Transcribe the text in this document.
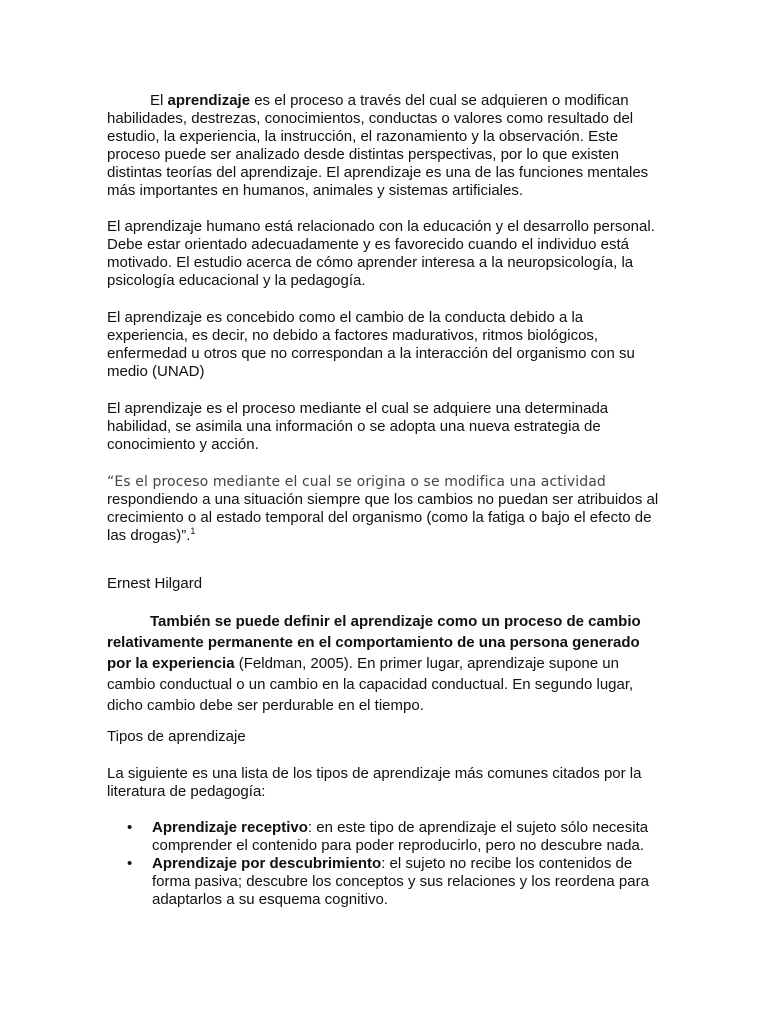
El aprendizaje es el proceso a través del cual se adquieren o modifican habilidades, destrezas, conocimientos, conductas o valores como resultado del estudio, la experiencia, la instrucción, el razonamiento y la observación. Este proceso puede ser analizado desde distintas perspectivas, por lo que existen distintas teorías del aprendizaje. El aprendizaje es una de las funciones mentales más importantes en humanos, animales y sistemas artificiales.

El aprendizaje humano está relacionado con la educación y el desarrollo personal. Debe estar orientado adecuadamente y es favorecido cuando el individuo está motivado. El estudio acerca de cómo aprender interesa a la neuropsicología, la psicología educacional y la pedagogía.

El aprendizaje es concebido como el cambio de la conducta debido a la experiencia, es decir, no debido a factores madurativos, ritmos biológicos, enfermedad u otros que no correspondan a la interacción del organismo con su medio (UNAD)

El aprendizaje es el proceso mediante el cual se adquiere una determinada habilidad, se asimila una información o se adopta una nueva estrategia de conocimiento y acción.

“Es el proceso mediante el cual se origina o se modifica una actividad respondiendo a una situación siempre que los cambios no puedan ser atribuidos al crecimiento o al estado temporal del organismo (como la fatiga o bajo el efecto de las drogas)”.$^1$

Ernest Hilgard

También se puede definir el aprendizaje como un proceso de cambio relativamente permanente en el comportamiento de una persona generado por la experiencia (Feldman, 2005). En primer lugar, aprendizaje supone un cambio conductual o un cambio en la capacidad conductual. En segundo lugar, dicho cambio debe ser perdurable en el tiempo.

Tipos de aprendizaje

La siguiente es una lista de los tipos de aprendizaje más comunes citados por la literatura de pedagogía:

• Aprendizaje receptivo: en este tipo de aprendizaje el sujeto sólo necesita comprender el contenido para poder reproducirlo, pero no descubre nada.
• Aprendizaje por descubrimiento: el sujeto no recibe los contenidos de forma pasiva; descubre los conceptos y sus relaciones y los reordena para adaptarlos a su esquema cognitivo.
